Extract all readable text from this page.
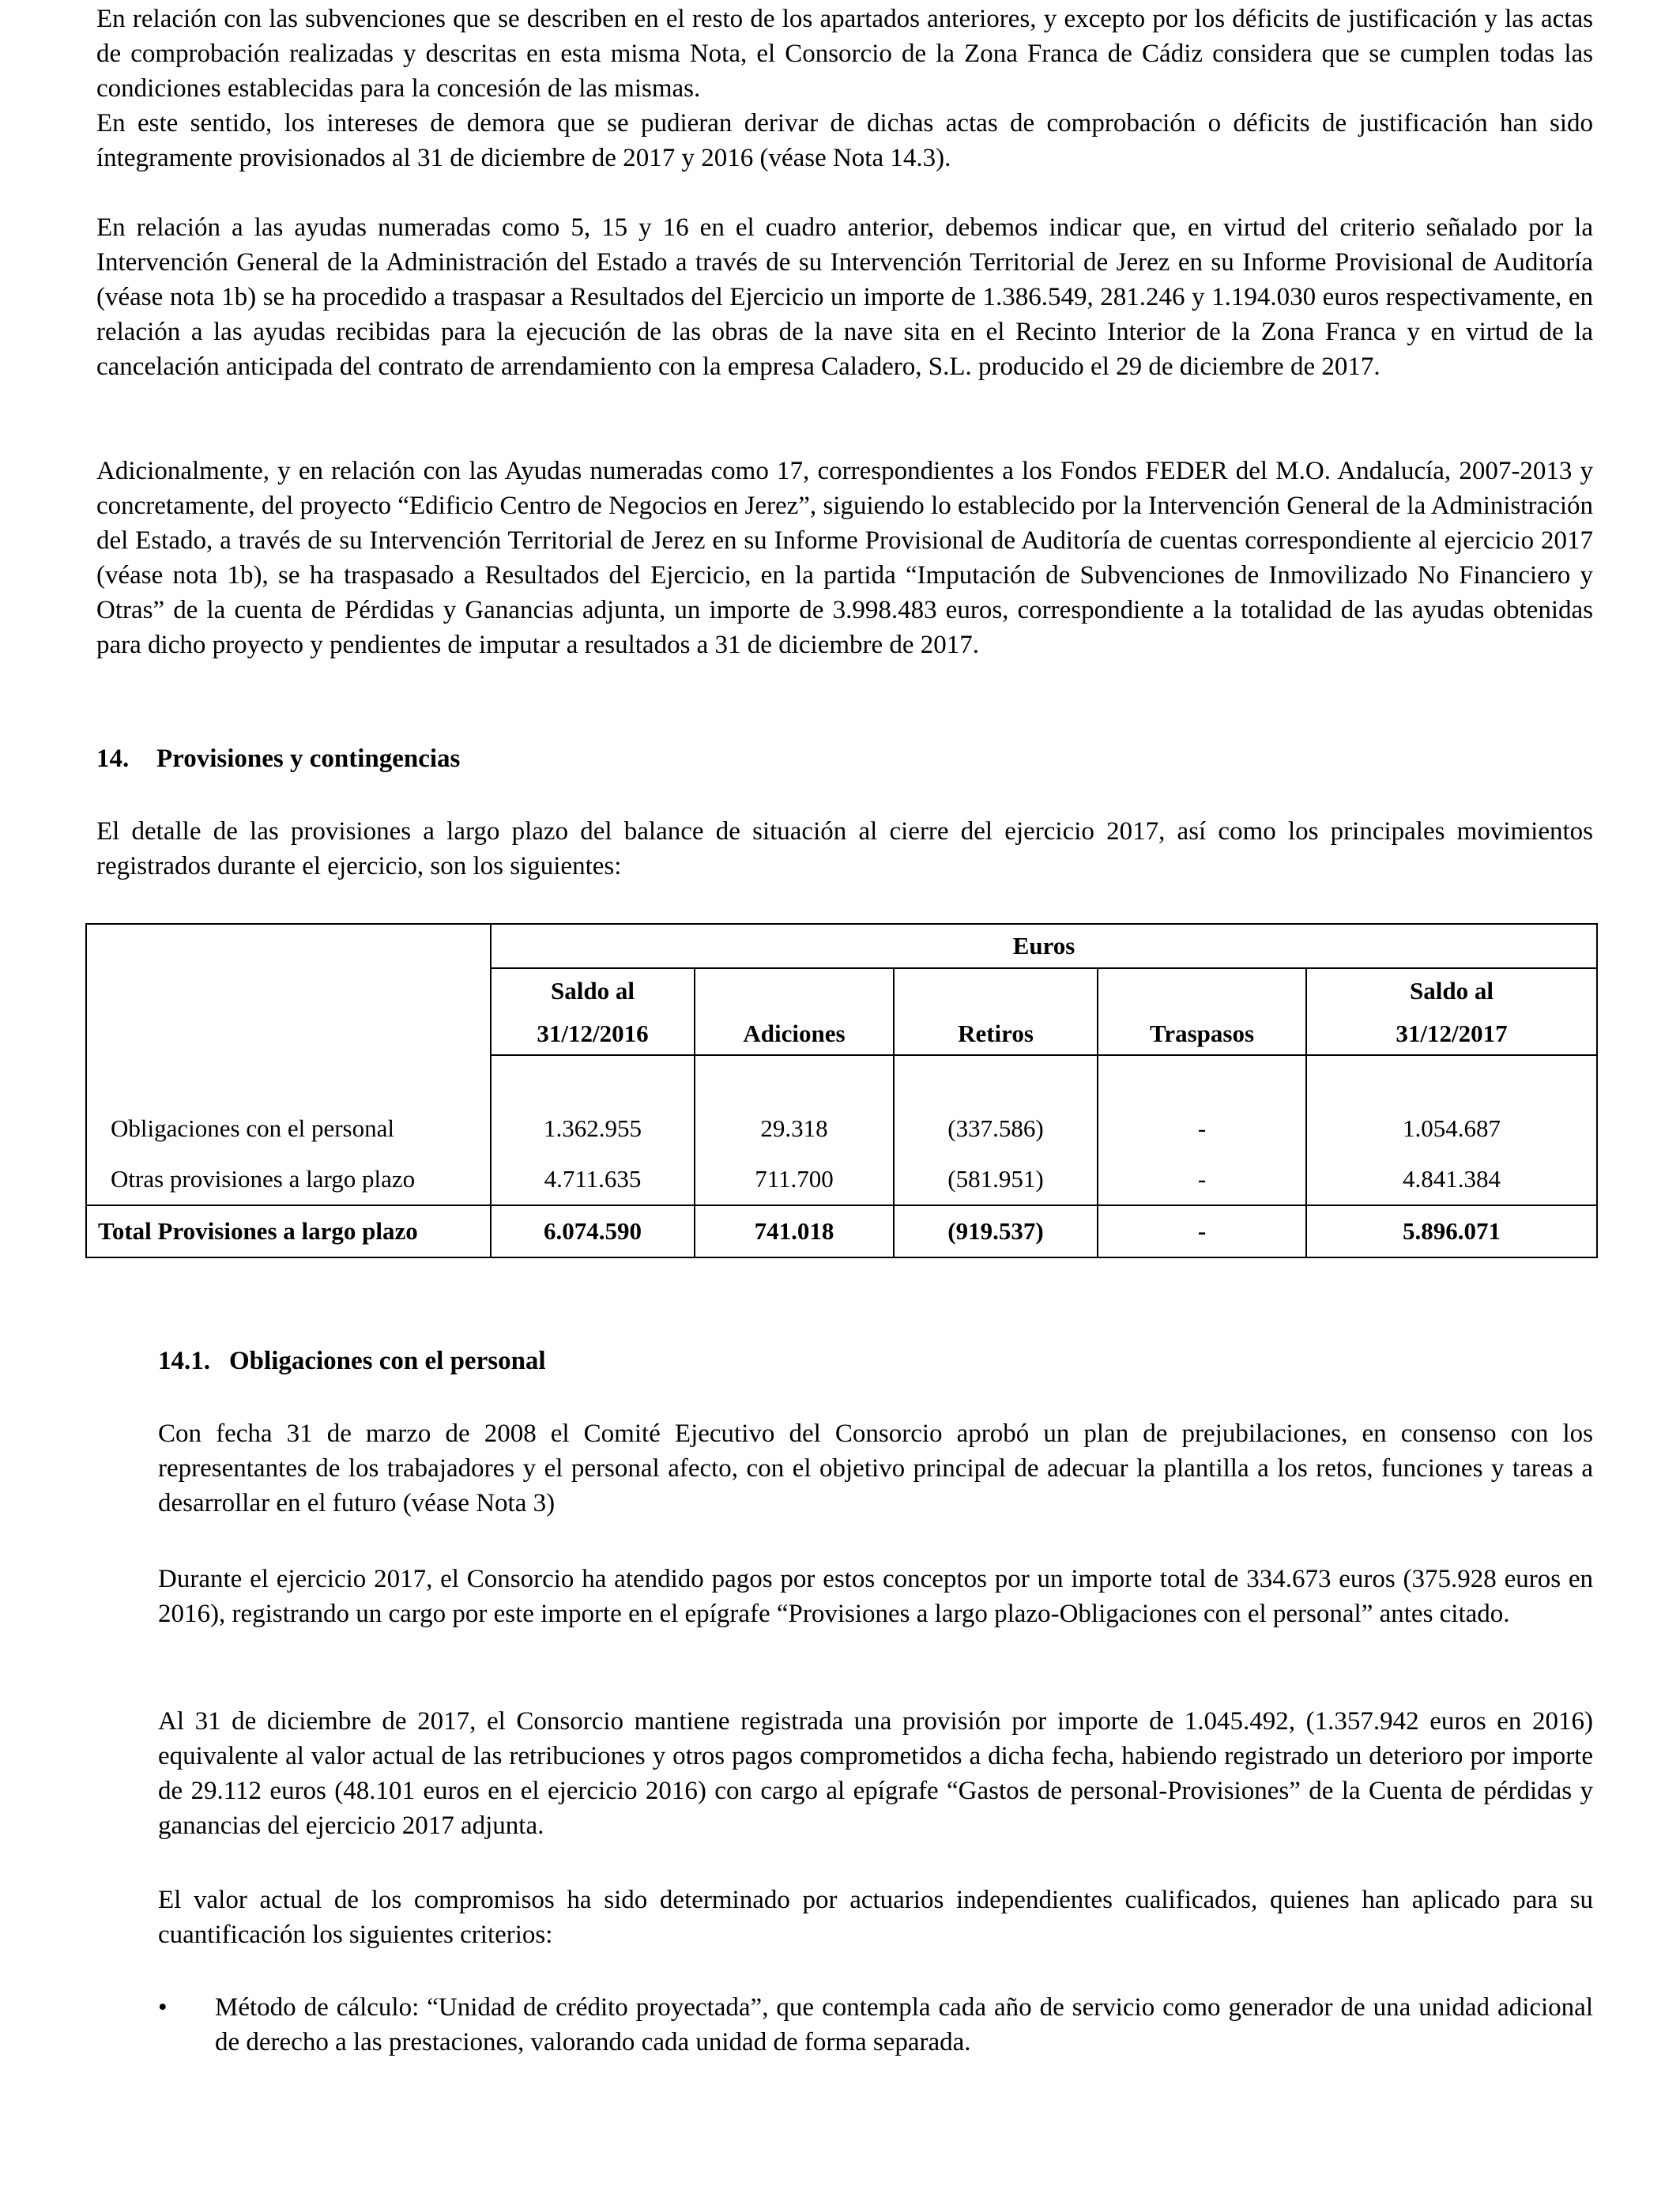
En relación con las subvenciones que se describen en el resto de los apartados anteriores, y excepto por los déficits de justificación y las actas de comprobación realizadas y descritas en esta misma Nota, el Consorcio de la Zona Franca de Cádiz considera que se cumplen todas las condiciones establecidas para la concesión de las mismas.

En este sentido, los intereses de demora que se pudieran derivar de dichas actas de comprobación o déficits de justificación han sido íntegramente provisionados al 31 de diciembre de 2017 y 2016 (véase Nota 14.3).

En relación a las ayudas numeradas como 5, 15 y 16 en el cuadro anterior, debemos indicar que, en virtud del criterio señalado por la Intervención General de la Administración del Estado a través de su Intervención Territorial de Jerez en su Informe Provisional de Auditoría (véase nota 1b) se ha procedido a traspasar a Resultados del Ejercicio un importe de 1.386.549, 281.246 y 1.194.030 euros respectivamente, en relación a las ayudas recibidas para la ejecución de las obras de la nave sita en el Recinto Interior de la Zona Franca y en virtud de la cancelación anticipada del contrato de arrendamiento con la empresa Caladero, S.L. producido el 29 de diciembre de 2017.

Adicionalmente, y en relación con las Ayudas numeradas como 17, correspondientes a los Fondos FEDER del M.O. Andalucía, 2007-2013 y concretamente, del proyecto “Edificio Centro de Negocios en Jerez”, siguiendo lo establecido por la Intervención General de la Administración del Estado, a través de su Intervención Territorial de Jerez en su Informe Provisional de Auditoría de cuentas correspondiente al ejercicio 2017 (véase nota 1b), se ha traspasado a Resultados del Ejercicio, en la partida “Imputación de Subvenciones de Inmovilizado No Financiero y Otras” de la cuenta de Pérdidas y Ganancias adjunta, un importe de 3.998.483 euros, correspondiente a la totalidad de las ayudas obtenidas para dicho proyecto y pendientes de imputar a resultados a 31 de diciembre de 2017.

14. Provisiones y contingencias

El detalle de las provisiones a largo plazo del balance de situación al cierre del ejercicio 2017, así como los principales movimientos registrados durante el ejercicio, son los siguientes:

	Euros				
	Saldo al				Saldo al
	31/12/2016	Adiciones	Retiros	Traspasos	31/12/2017

Obligaciones con el personal	1.362.955	29.318	(337.586)	-	1.054.687
Otras provisiones a largo plazo	4.711.635	711.700	(581.951)	-	4.841.384
Total Provisiones a largo plazo	6.074.590	741.018	(919.537)	-	5.896.071
14.1. Obligaciones con el personal

Con fecha 31 de marzo de 2008 el Comité Ejecutivo del Consorcio aprobó un plan de prejubilaciones, en consenso con los representantes de los trabajadores y el personal afecto, con el objetivo principal de adecuar la plantilla a los retos, funciones y tareas a desarrollar en el futuro (véase Nota 3)

Durante el ejercicio 2017, el Consorcio ha atendido pagos por estos conceptos por un importe total de 334.673 euros (375.928 euros en 2016), registrando un cargo por este importe en el epígrafe “Provisiones a largo plazo-Obligaciones con el personal” antes citado.

Al 31 de diciembre de 2017, el Consorcio mantiene registrada una provisión por importe de 1.045.492, (1.357.942 euros en 2016) equivalente al valor actual de las retribuciones y otros pagos comprometidos a dicha fecha, habiendo registrado un deterioro por importe de 29.112 euros (48.101 euros en el ejercicio 2016) con cargo al epígrafe “Gastos de personal-Provisiones” de la Cuenta de pérdidas y ganancias del ejercicio 2017 adjunta.

El valor actual de los compromisos ha sido determinado por actuarios independientes cualificados, quienes han aplicado para su cuantificación los siguientes criterios:

• Método de cálculo: “Unidad de crédito proyectada”, que contempla cada año de servicio como generador de una unidad adicional de derecho a las prestaciones, valorando cada unidad de forma separada.
